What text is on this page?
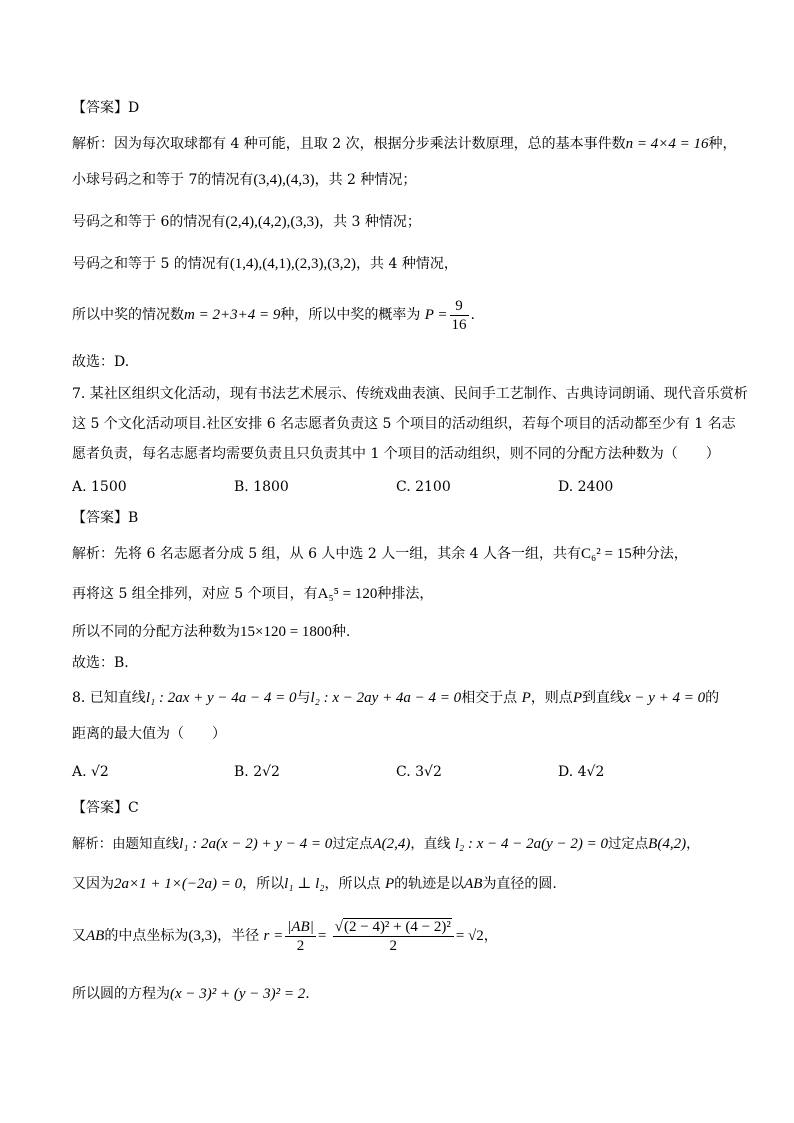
【答案】D
解析：因为每次取球都有 4 种可能，且取 2 次，根据分步乘法计数原理，总的基本事件数n = 4×4 = 16种，
小球号码之和等于 7的情况有(3,4),(4,3)，共 2 种情况；
号码之和等于 6的情况有(2,4),(4,2),(3,3)，共 3 种情况；
号码之和等于 5 的情况有(1,4),(4,1),(2,3),(3,2)，共 4 种情况，
所以中奖的情况数m = 2+3+4 = 9种，所以中奖的概率为 $P = \frac{9}{16}$ .
故选：D.
7. 某社区组织文化活动，现有书法艺术展示、传统戏曲表演、民间手工艺制作、古典诗词朗诵、现代音乐赏析
这 5 个文化活动项目.社区安排 6 名志愿者负责这 5 个项目的活动组织，若每个项目的活动都至少有 1 名志
愿者负责，每名志愿者均需要负责且只负责其中 1 个项目的活动组织，则不同的分配方法种数为（　　）
A. 1500	B. 1800	C. 2100	D. 2400
【答案】B
解析：先将 6 名志愿者分成 5 组，从 6 人中选 2 人一组，其余 4 人各一组，共有C₆² = 15种分法，
再将这 5 组全排列，对应 5 个项目，有A₅⁵ = 120种排法，
所以不同的分配方法种数为15×120 = 1800种.
故选：B.
8. 已知直线l₁ : 2ax + y − 4a − 4 = 0与l₂ : x − 2ay + 4a − 4 = 0相交于点 P，则点P到直线x − y + 4 = 0的
距离的最大值为（　　）
A. √2	B. 2√2	C. 3√2	D. 4√2
【答案】C
解析：由题知直线l₁ : 2a(x − 2) + y − 4 = 0过定点A(2,4)，直线 l₂ : x − 4 − 2a(y − 2) = 0过定点B(4,2)，
又因为2a×1 + 1×(−2a) = 0，所以l₁ ⊥ l₂，所以点 P的轨迹是以AB为直径的圆.
又AB的中点坐标为(3,3)，半径 $r = \frac{|AB|}{2} = \frac{\text{√(2 − 4)² + (4 − 2)²}}{2} = √2$，
所以圆的方程为(x − 3)² + (y − 3)² = 2.
